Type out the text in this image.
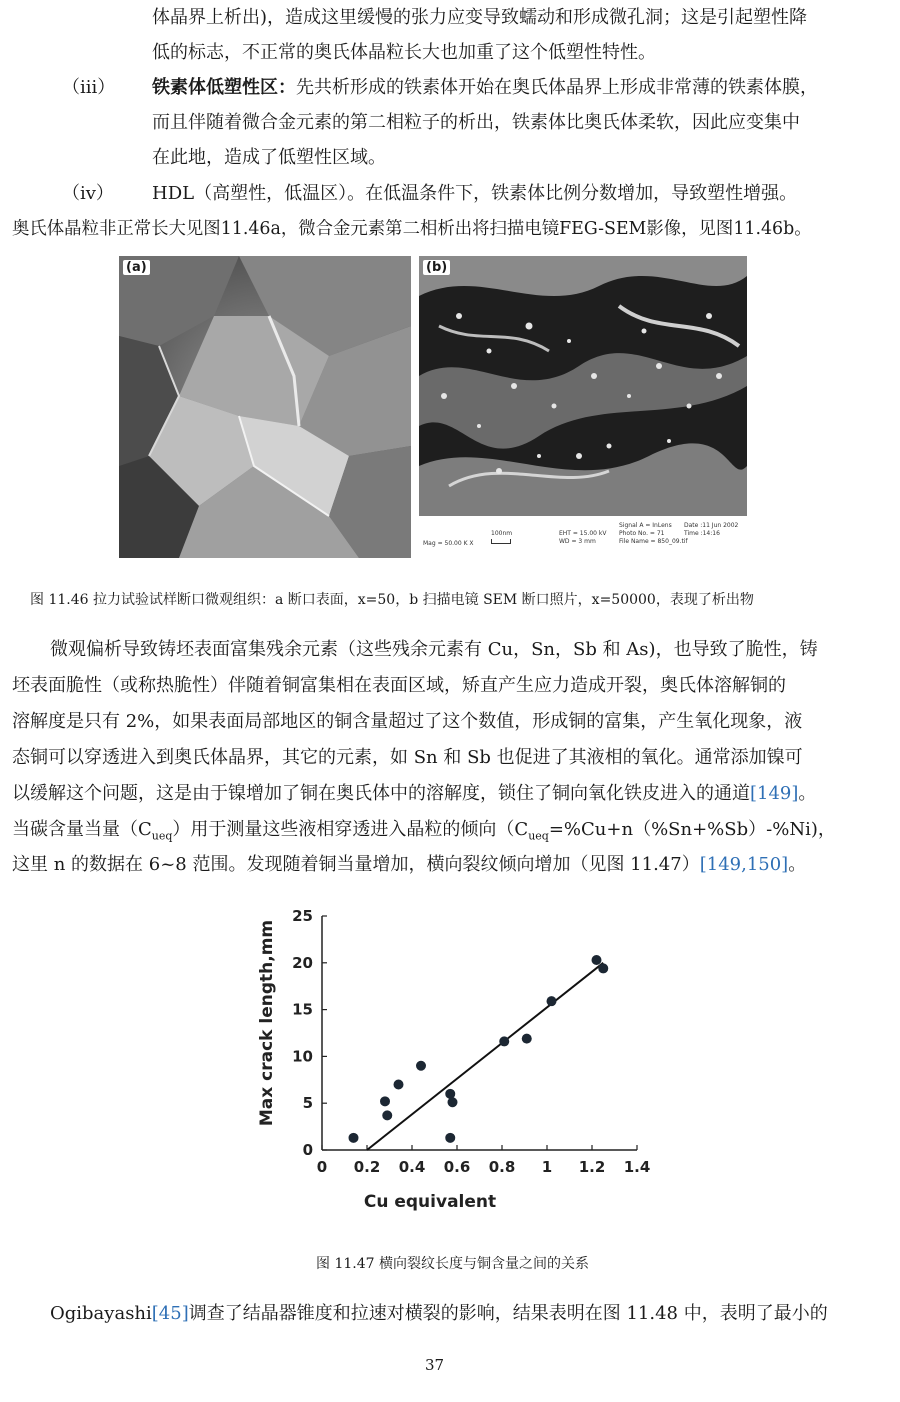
体晶界上析出)，造成这里缓慢的张力应变导致蠕动和形成微孔洞；这是引起塑性降
低的标志，不正常的奥氏体晶粒长大也加重了这个低塑性特性。
（iii） 铁素体低塑性区：先共析形成的铁素体开始在奥氏体晶界上形成非常薄的铁素体膜，
而且伴随着微合金元素的第二相粒子的析出，铁素体比奥氏体柔软，因此应变集中
在此地，造成了低塑性区域。
（iv） HDL（高塑性，低温区）。在低温条件下，铁素体比例分数增加，导致塑性增强。
奥氏体晶粒非正常长大见图11.46a，微合金元素第二相析出将扫描电镜FEG-SEM影像，见图11.46b。
(a)	(b)
Mag = 50.00 K X
100nm	EHT = 15.00 kV
WD = 3 mm
Signal A = InLens
Photo No. = 71
File Name = 850_09.tif
Date :11 Jun 2002
Time :14:16
图 11.46 拉力试验试样断口微观组织：a 断口表面，x=50，b 扫描电镜 SEM 断口照片，x=50000，表现了析出物
微观偏析导致铸坯表面富集残余元素（这些残余元素有 Cu，Sn，Sb 和 As)，也导致了脆性，铸
坯表面脆性（或称热脆性）伴随着铜富集相在表面区域，矫直产生应力造成开裂，奥氏体溶解铜的
溶解度是只有 2%，如果表面局部地区的铜含量超过了这个数值，形成铜的富集，产生氧化现象，液
态铜可以穿透进入到奥氏体晶界，其它的元素，如 Sn 和 Sb 也促进了其液相的氧化。通常添加镍可
以缓解这个问题，这是由于镍增加了铜在奥氏体中的溶解度，锁住了铜向氧化铁皮进入的通道[149]。
当碳含量当量$(C_{ueq})$用于测量这些液相穿透进入晶粒的倾向$(C_{ueq}=\%Cu+n(\%Sn+\%Sb)-\%Ni)$，
这里 n 的数据在 6~8 范围。发现随着铜当量增加，横向裂纹倾向增加（见图 11.47）[149,150]。
0 0.2 0.4 0.6 0.8 1 1.2 1.4
0
5
10
15
20
25
Cu equivalent
Max crack length,mm
图 11.47 横向裂纹长度与铜含量之间的关系
Ogibayashi[45]调查了结晶器锥度和拉速对横裂的影响，结果表明在图 11.48 中，表明了最小的
37
